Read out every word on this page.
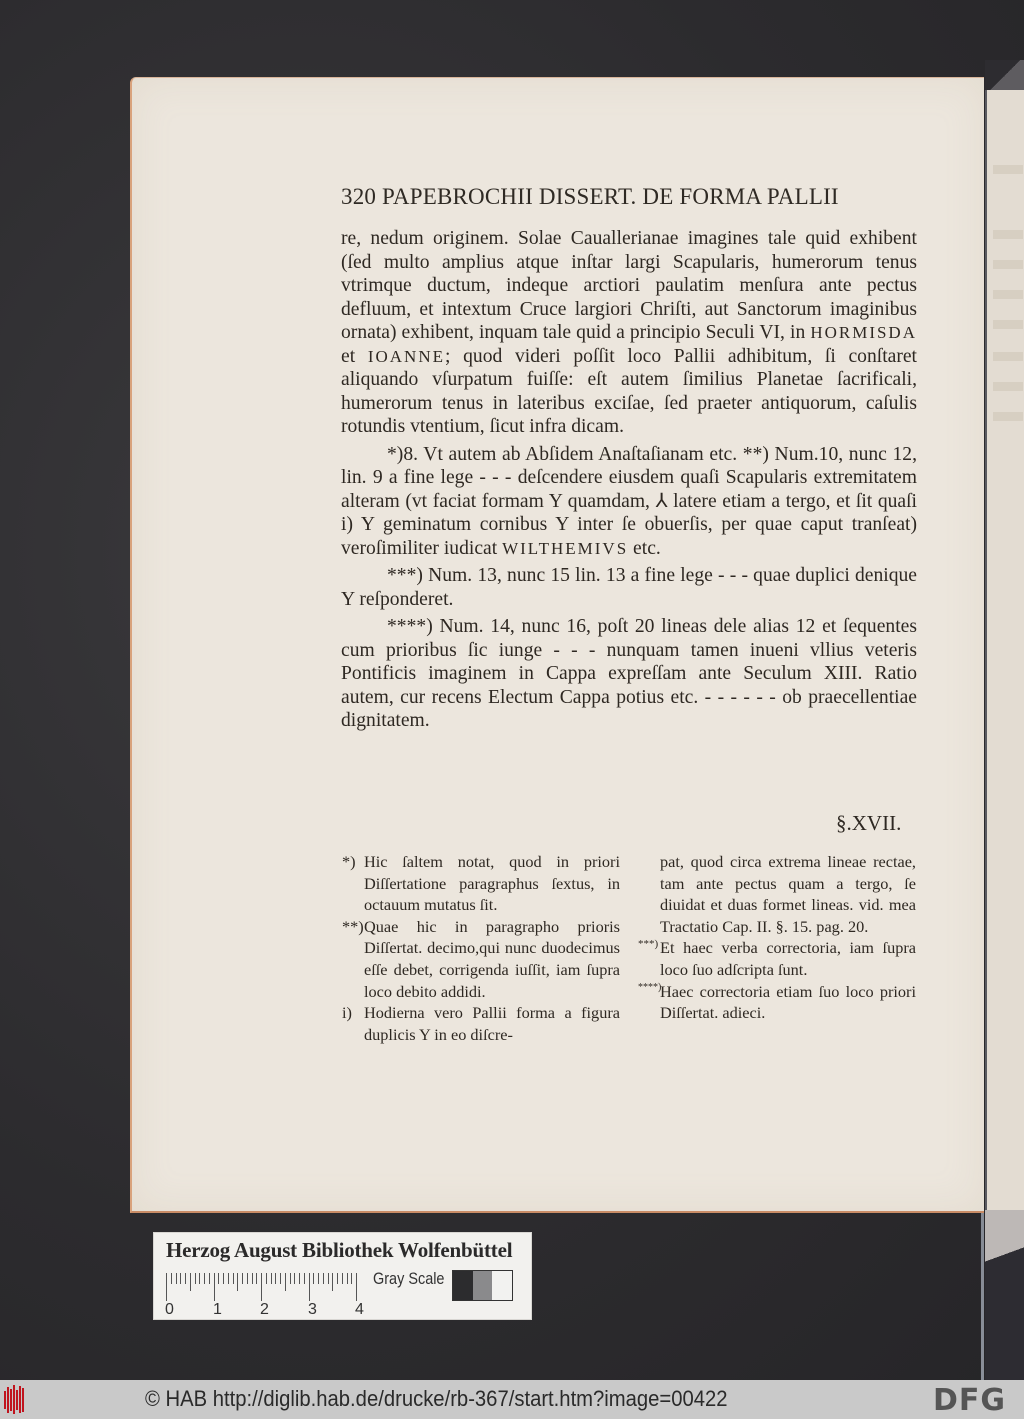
320 PAPEBROCHII DISSERT. DE FORMA PALLII

re, nedum originem. Solae Cauallerianae imagines tale quid exhibent (ſed multo amplius atque inſtar largi Scapularis, humerorum tenus vtrimque ductum, indeque arctiori paulatim menſura ante pectus defluum, et intextum Cruce largiori Chriſti, aut Sanctorum imaginibus ornata) exhibent, inquam tale quid a principio Seculi VI, in HORMISDA et IOANNE; quod videri poſſit loco Pallii adhibitum, ſi conſtaret aliquando vſurpatum fuiſſe: eſt autem ſimilius Planetae ſacrificali, humerorum tenus in lateribus exciſae, ſed praeter antiquorum, caſulis rotundis vtentium, ſicut infra dicam.

*)8. Vt autem ab Abſidem Anaſtaſianam etc. **) Num.10, nunc 12, lin. 9 a fine lege - - - deſcendere eiusdem quaſi Scapularis extremitatem alteram (vt faciat formam Y quamdam, ⅄ latere etiam a tergo, et ſit quaſi i) Y geminatum cornibus Y inter ſe obuerſis, per quae caput tranſeat) veroſimiliter iudicat WILTHEMIVS etc.

***) Num. 13, nunc 15 lin. 13 a fine lege - - - quae duplici denique Y reſponderet.

****) Num. 14, nunc 16, poſt 20 lineas dele alias 12 et ſequentes cum prioribus ſic iunge - - - nunquam tamen inueni vllius veteris Pontificis imaginem in Cappa expreſſam ante Seculum XIII. Ratio autem, cur recens Electum Cappa potius etc. - - - - - - ob praecellentiae dignitatem.

§.XVII.
*) Hic ſaltem notat, quod in priori Diſſertatione paragraphus ſextus, in octauum mutatus ſit.
**) Quae hic in paragrapho prioris Diſſertat. decimo,qui nunc duodecimus eſſe debet, corrigenda iuſſit, iam ſupra loco debito addidi.
i) Hodierna vero Pallii forma a figura duplicis Y in eo diſcre-
pat, quod circa extrema lineae rectae, tam ante pectus quam a tergo, ſe diuidat et duas formet lineas. vid. mea Tractatio Cap. II. §. 15. pag. 20.
***) Et haec verba correctoria, iam ſupra loco ſuo adſcripta ſunt.
****)
Haec correctoria etiam ſuo loco priori Diſſertat. adieci.
Herzog August Bibliothek Wolfenbüttel
0 1 2 3 4
Gray Scale
© HAB http://diglib.hab.de/drucke/rb-367/start.htm?image=00422	DFG
